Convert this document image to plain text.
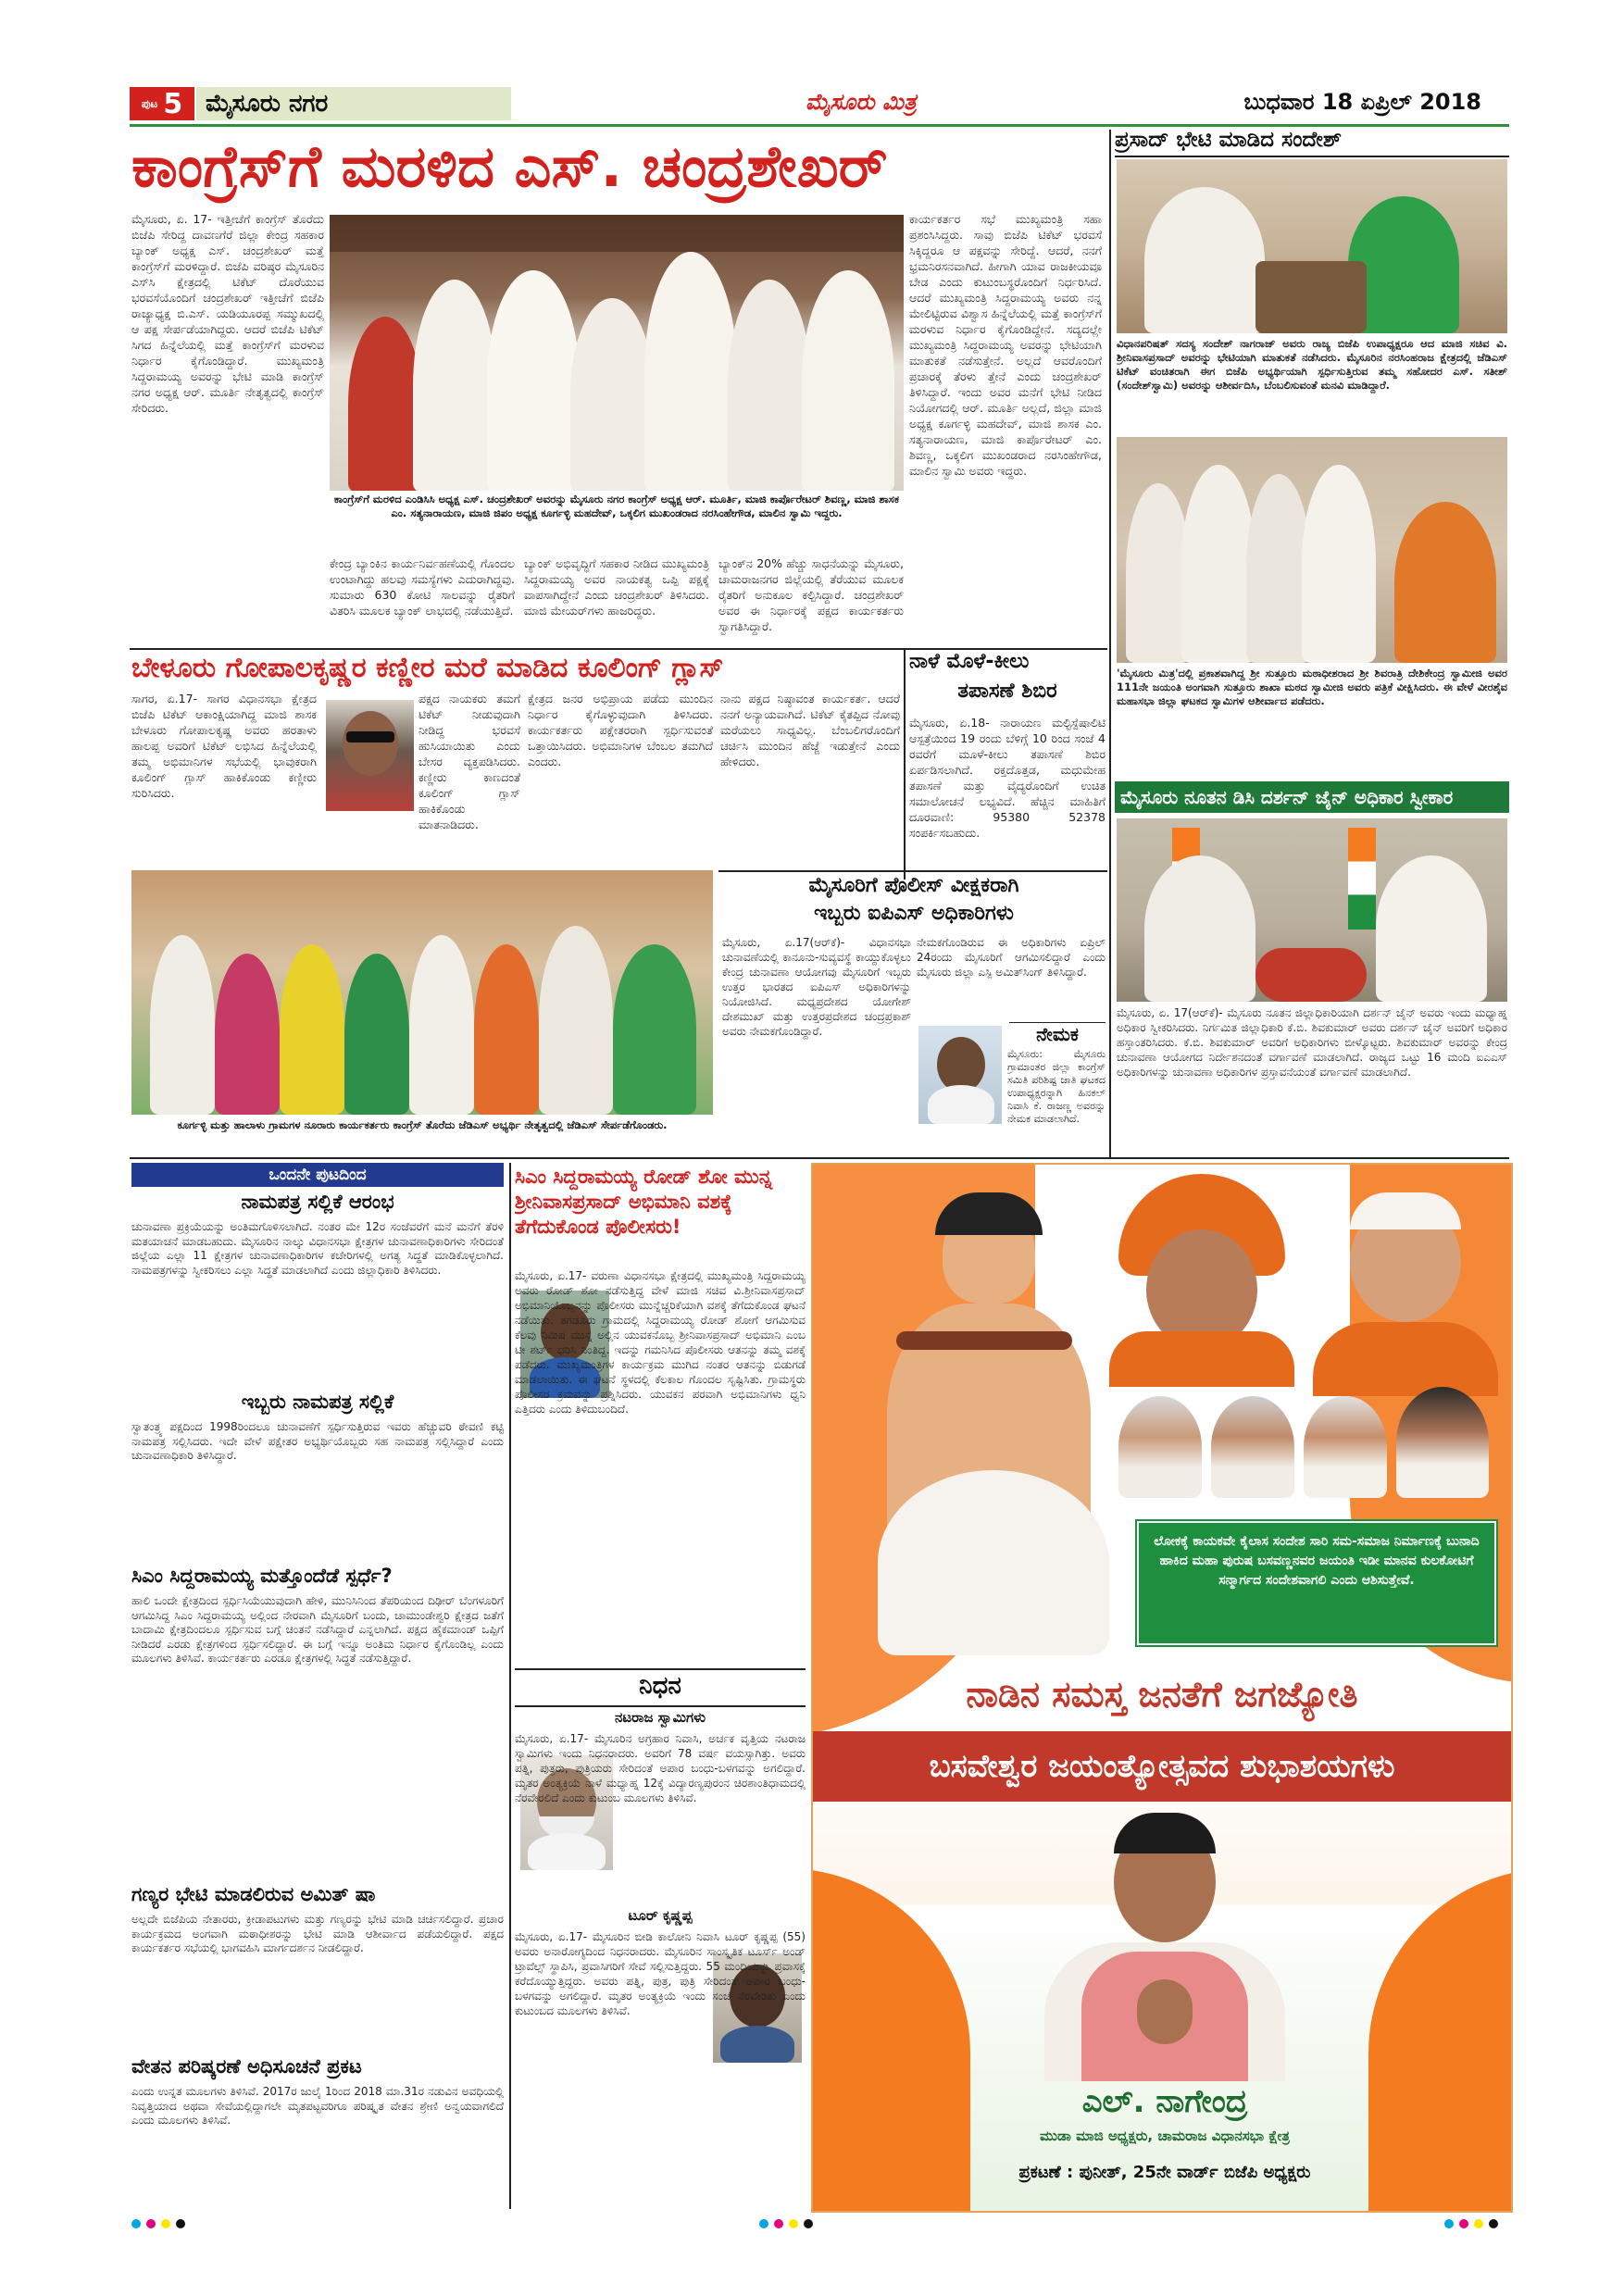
ಪುಟ 5 ಮೈಸೂರು ನಗರ	ಮೈಸೂರು ಮಿತ್ರ	ಬುಧವಾರ 18 ಏಪ್ರಿಲ್ 2018
ಕಾಂಗ್ರೆಸ್‌ಗೆ ಮರಳಿದ ಎಸ್. ಚಂದ್ರಶೇಖರ್
ಮೈಸೂರು, ಏ. 17- ಇತ್ತೀಚೆಗೆ ಕಾಂಗ್ರೆಸ್ ತೊರೆದು ಬಿಜೆಪಿ ಸೇರಿದ್ದ ದಾವಣಗೆರೆ ಜಿಲ್ಲಾ ಕೇಂದ್ರ ಸಹಕಾರ ಬ್ಯಾಂಕ್ ಅಧ್ಯಕ್ಷ ಎಸ್. ಚಂದ್ರಶೇಖರ್ ಮತ್ತೆ ಕಾಂಗ್ರೆಸ್‌ಗೆ ಮರಳಿದ್ದಾರೆ. ಬಿಜೆಪಿ ವರಿಷ್ಠರ ಮೈಸೂರಿನ ಎಸ್‌ಸಿ ಕ್ಷೇತ್ರದಲ್ಲಿ ಟಿಕೆಟ್ ದೊರೆಯುವ ಭರವಸೆಯೊಂದಿಗೆ ಚಂದ್ರಶೇಖರ್ ಇತ್ತೀಚೆಗೆ ಬಿಜೆಪಿ ರಾಜ್ಯಾಧ್ಯಕ್ಷ ಬಿ.ಎಸ್. ಯಡಿಯೂರಪ್ಪ ಸಮ್ಮುಖದಲ್ಲಿ ಆ ಪಕ್ಷ ಸೇರ್ಪಡೆಯಾಗಿದ್ದರು. ಆದರೆ ಬಿಜೆಪಿ ಟಿಕೆಟ್ ಸಿಗದ ಹಿನ್ನೆಲೆಯಲ್ಲಿ ಮತ್ತೆ ಕಾಂಗ್ರೆಸ್‌ಗೆ ಮರಳುವ ನಿರ್ಧಾರ ಕೈಗೊಂಡಿದ್ದಾರೆ. ಮುಖ್ಯಮಂತ್ರಿ ಸಿದ್ದರಾಮಯ್ಯ ಅವರನ್ನು ಭೇಟಿ ಮಾಡಿ ಕಾಂಗ್ರೆಸ್ ನಗರ ಅಧ್ಯಕ್ಷ ಆರ್. ಮೂರ್ತಿ ನೇತೃತ್ವದಲ್ಲಿ ಕಾಂಗ್ರೆಸ್ ಸೇರಿದರು.
ಕಾಂಗ್ರೆಸ್‌ಗೆ ಮರಳಿದ ಎಂಡಿಸಿಸಿ ಅಧ್ಯಕ್ಷ ಎಸ್. ಚಂದ್ರಶೇಖರ್ ಅವರನ್ನು ಮೈಸೂರು ನಗರ ಕಾಂಗ್ರೆಸ್ ಅಧ್ಯಕ್ಷ ಆರ್. ಮೂರ್ತಿ, ಮಾಜಿ ಕಾರ್ಪೊರೇಟರ್ ಶಿವಣ್ಣ, ಮಾಜಿ ಶಾಸಕ ಎಂ. ಸತ್ಯನಾರಾಯಣ, ಮಾಜಿ ಜಿಪಂ ಅಧ್ಯಕ್ಷ ಕೂರ್ಗಳ್ಳಿ ಮಹದೇವ್, ಒಕ್ಕಲಿಗ ಮುಖಂಡರಾದ ನರಸಿಂಹೇಗೌಡ, ಮಾಲಿನ ಸ್ವಾಮಿ ಇದ್ದರು.
ಕೇಂದ್ರ ಬ್ಯಾಂಕಿನ ಕಾರ್ಯನಿರ್ವಹಣೆಯಲ್ಲಿ ಗೊಂದಲ ಉಂಟಾಗಿದ್ದು ಹಲವು ಸಮಸ್ಯೆಗಳು ಎದುರಾಗಿದ್ದವು. ಸುಮಾರು 630 ಕೋಟಿ ಸಾಲವನ್ನು ರೈತರಿಗೆ ವಿತರಿಸಿ ಮೂಲಕ ಬ್ಯಾಂಕ್ ಲಾಭದಲ್ಲಿ ನಡೆಯುತ್ತಿದೆ.
ಬ್ಯಾಂಕ್ ಅಭಿವೃದ್ಧಿಗೆ ಸಹಕಾರ ನೀಡಿದ ಮುಖ್ಯಮಂತ್ರಿ ಸಿದ್ದರಾಮಯ್ಯ ಅವರ ನಾಯಕತ್ವ ಒಪ್ಪಿ ಪಕ್ಷಕ್ಕೆ ವಾಪಸಾಗಿದ್ದೇನೆ ಎಂದು ಚಂದ್ರಶೇಖರ್ ತಿಳಿಸಿದರು. ಮಾಜಿ ಮೇಯರ್‌ಗಳು ಹಾಜರಿದ್ದರು.
ಬ್ಯಾಂಕ್‌ನ 20% ಹೆಚ್ಚು ಸಾಧನೆಯನ್ನು ಮೈಸೂರು, ಚಾಮರಾಜನಗರ ಜಿಲ್ಲೆಯಲ್ಲಿ ತೆರೆಯುವ ಮೂಲಕ ರೈತರಿಗೆ ಅನುಕೂಲ ಕಲ್ಪಿಸಿದ್ದಾರೆ. ಚಂದ್ರಶೇಖರ್ ಅವರ ಈ ನಿರ್ಧಾರಕ್ಕೆ ಪಕ್ಷದ ಕಾರ್ಯಕರ್ತರು ಸ್ವಾಗತಿಸಿದ್ದಾರೆ.
ಕಾರ್ಯಕರ್ತರ ಸಭೆ ಮುಖ್ಯಮಂತ್ರಿ ಸಹಾ ಪ್ರಶಂಸಿಸಿದ್ದರು. ಸಾವು ಬಿಜೆಪಿ ಟಿಕೆಟ್ ಭರವಸೆ ಸಿಕ್ಕಿದ್ದರೂ ಆ ಪಕ್ಷವನ್ನು ಸೇರಿದ್ದೆ. ಆದರೆ, ನನಗೆ ಭ್ರಮನಿರಸನವಾಗಿದೆ. ಹೀಗಾಗಿ ಯಾವ ರಾಜಕೀಯವೂ ಬೇಡ ಎಂದು ಕುಟುಂಬಸ್ಥರೊಂದಿಗೆ ನಿರ್ಧರಿಸಿದೆ. ಆದರೆ ಮುಖ್ಯಮಂತ್ರಿ ಸಿದ್ದರಾಮಯ್ಯ ಅವರು ನನ್ನ ಮೇಲಿಟ್ಟಿರುವ ವಿಶ್ವಾಸ ಹಿನ್ನೆಲೆಯಲ್ಲಿ ಮತ್ತೆ ಕಾಂಗ್ರೆಸ್‌ಗೆ ಮರಳುವ ನಿರ್ಧಾರ ಕೈಗೊಂಡಿದ್ದೇನೆ. ಸದ್ಯದಲ್ಲೇ ಮುಖ್ಯಮಂತ್ರಿ ಸಿದ್ದರಾಮಯ್ಯ ಅವರನ್ನು ಭೇಟಿಯಾಗಿ ಮಾತುಕತೆ ನಡೆಸುತ್ತೇನೆ. ಅಲ್ಲದೆ ಆವರೊಂದಿಗೆ ಪ್ರಚಾರಕ್ಕೆ ತೆರಳು ತ್ತೇನೆ ಎಂದು ಚಂದ್ರಶೇಖರ್ ತಿಳಿಸಿದ್ದಾರೆ. ಇಂದು ಅವರ ಮನೆಗೆ ಭೇಟಿ ನೀಡಿದ ನಿಯೋಗದಲ್ಲಿ ಆರ್. ಮೂರ್ತಿ ಅಲ್ಲದೆ, ಜಿಲ್ಲಾ ಮಾಜಿ ಅಧ್ಯಕ್ಷ ಕೂರ್ಗಳ್ಳಿ ಮಹದೇವ್, ಮಾಜಿ ಶಾಸಕ ಎಂ. ಸತ್ಯನಾರಾಯಣ, ಮಾಜಿ ಕಾರ್ಪೊರೇಟರ್ ಎಂ. ಶಿವಣ್ಣ, ಒಕ್ಕಲಿಗ ಮುಖಂಡರಾದ ನರಸಿಂಹೇಗೌಡ, ಮಾಲಿನ ಸ್ವಾಮಿ ಅವರು ಇದ್ದರು.
ಪ್ರಸಾದ್ ಭೇಟಿ ಮಾಡಿದ ಸಂದೇಶ್
ವಿಧಾನಪರಿಷತ್ ಸದಸ್ಯ ಸಂದೇಶ್ ನಾಗರಾಜ್ ಅವರು ರಾಜ್ಯ ಬಿಜೆಪಿ ಉಪಾಧ್ಯಕ್ಷರೂ ಆದ ಮಾಜಿ ಸಚಿವ ವಿ. ಶ್ರೀನಿವಾಸಪ್ರಸಾದ್ ಅವರನ್ನು ಭೇಟಿಯಾಗಿ ಮಾತುಕತೆ ನಡೆಸಿದರು. ಮೈಸೂರಿನ ನರಸಿಂಹರಾಜ ಕ್ಷೇತ್ರದಲ್ಲಿ ಜೆಡಿಎಸ್ ಟಿಕೆಟ್ ವಂಚಿತರಾಗಿ ಈಗ ಬಿಜೆಪಿ ಅಭ್ಯರ್ಥಿಯಾಗಿ ಸ್ಪರ್ಧಿಸುತ್ತಿರುವ ತಮ್ಮ ಸಹೋದರ ಎಸ್. ಸತೀಶ್ (ಸಂದೇಶ್‌ಸ್ವಾಮಿ) ಅವರನ್ನು ಆಶೀರ್ವದಿಸಿ, ಬೆಂಬಲಿಸುವಂತೆ ಮನವಿ ಮಾಡಿದ್ದಾರೆ.
'ಮೈಸೂರು ಮಿತ್ರ'ದಲ್ಲಿ ಪ್ರಕಾಶವಾಗಿದ್ದ ಶ್ರೀ ಸುತ್ತೂರು ಮಠಾಧೀಶರಾದ ಶ್ರೀ ಶಿವರಾತ್ರಿ ದೇಶಿಕೇಂದ್ರ ಸ್ವಾಮೀಜಿ ಅವರ 111ನೇ ಜಯಂತಿ ಅಂಗವಾಗಿ ಸುತ್ತೂರು ಶಾಖಾ ಮಠದ ಸ್ವಾಮೀಜಿ ಅವರು ಪತ್ರಿಕೆ ವೀಕ್ಷಿಸಿದರು. ಈ ವೇಳೆ ವೀರಶೈವ ಮಹಾಸಭಾ ಜಿಲ್ಲಾ ಘಟಕದ ಸ್ವಾಮಿಗಳ ಆಶೀರ್ವಾದ ಪಡೆದರು.
ಮೈಸೂರು ನೂತನ ಡಿಸಿ ದರ್ಶನ್ ಜೈನ್ ಅಧಿಕಾರ ಸ್ವೀಕಾರ
ಮೈಸೂರು, ಏ. 17(ಆರ್‌ಕೆ)- ಮೈಸೂರು ನೂತನ ಜಿಲ್ಲಾಧಿಕಾರಿಯಾಗಿ ದರ್ಶನ್ ಜೈನ್ ಅವರು ಇಂದು ಮಧ್ಯಾಹ್ನ ಅಧಿಕಾರ ಸ್ವೀಕರಿಸಿದರು. ನಿರ್ಗಮಿತ ಜಿಲ್ಲಾಧಿಕಾರಿ ಕೆ.ಬಿ. ಶಿವಕುಮಾರ್ ಅವರು ದರ್ಶನ್ ಜೈನ್ ಅವರಿಗೆ ಅಧಿಕಾರ ಹಸ್ತಾಂತರಿಸಿದರು. ಕೆ.ಬಿ. ಶಿವಕುಮಾರ್ ಅವರಿಗೆ ಅಧಿಕಾರಿಗಳು ಬೀಳ್ಕೊಟ್ಟರು. ಶಿವಕುಮಾರ್ ಅವರನ್ನು ಕೇಂದ್ರ ಚುನಾವಣಾ ಆಯೋಗದ ನಿರ್ದೇಶನದಂತೆ ವರ್ಗಾವಣೆ ಮಾಡಲಾಗಿದೆ. ರಾಜ್ಯದ ಒಟ್ಟು 16 ಮಂದಿ ಐಎಎಸ್ ಅಧಿಕಾರಿಗಳನ್ನು ಚುನಾವಣಾ ಅಧಿಕಾರಿಗಳ ಪ್ರಸ್ತಾವನೆಯಂತೆ ವರ್ಗಾವಣೆ ಮಾಡಲಾಗಿದೆ.
ಬೇಳೂರು ಗೋಪಾಲಕೃಷ್ಣರ ಕಣ್ಣೀರ ಮರೆ ಮಾಡಿದ ಕೂಲಿಂಗ್ ಗ್ಲಾಸ್
ಸಾಗರ, ಏ.17- ಸಾಗರ ವಿಧಾನಸಭಾ ಕ್ಷೇತ್ರದ ಬಿಜೆಪಿ ಟಿಕೆಟ್ ಆಕಾಂಕ್ಷಿಯಾಗಿದ್ದ ಮಾಜಿ ಶಾಸಕ ಬೇಳೂರು ಗೋಪಾಲಕೃಷ್ಣ ಅವರು ಹರತಾಳು ಹಾಲಪ್ಪ ಅವರಿಗೆ ಟಿಕೆಟ್ ಲಭಿಸಿದ ಹಿನ್ನೆಲೆಯಲ್ಲಿ ತಮ್ಮ ಅಭಿಮಾನಿಗಳ ಸಭೆಯಲ್ಲಿ ಭಾವುಕರಾಗಿ ಕೂಲಿಂಗ್ ಗ್ಲಾಸ್ ಹಾಕಿಕೊಂಡು ಕಣ್ಣೀರು ಸುರಿಸಿದರು.
ಪಕ್ಷದ ನಾಯಕರು ತಮಗೆ ಟಿಕೆಟ್ ನೀಡುವುದಾಗಿ ನೀಡಿದ್ದ ಭರವಸೆ ಹುಸಿಯಾಯಿತು ಎಂದು ಬೇಸರ ವ್ಯಕ್ತಪಡಿಸಿದರು. ಕಣ್ಣೀರು ಕಾಣದಂತೆ ಕೂಲಿಂಗ್ ಗ್ಲಾಸ್ ಹಾಕಿಕೊಂಡು ಮಾತನಾಡಿದರು.
ಕ್ಷೇತ್ರದ ಜನರ ಅಭಿಪ್ರಾಯ ಪಡೆದು ಮುಂದಿನ ನಿರ್ಧಾರ ಕೈಗೊಳ್ಳುವುದಾಗಿ ತಿಳಿಸಿದರು. ಕಾರ್ಯಕರ್ತರು ಪಕ್ಷೇತರರಾಗಿ ಸ್ಪರ್ಧಿಸುವಂತೆ ಒತ್ತಾಯಿಸಿದರು. ಅಭಿಮಾನಿಗಳ ಬೆಂಬಲ ತಮಗಿದೆ ಎಂದರು.
ನಾನು ಪಕ್ಷದ ನಿಷ್ಠಾವಂತ ಕಾರ್ಯಕರ್ತ. ಆದರೆ ನನಗೆ ಅನ್ಯಾಯವಾಗಿದೆ. ಟಿಕೆಟ್ ಕೈತಪ್ಪಿದ ನೋವು ಮರೆಯಲು ಸಾಧ್ಯವಿಲ್ಲ. ಬೆಂಬಲಿಗರೊಂದಿಗೆ ಚರ್ಚಿಸಿ ಮುಂದಿನ ಹೆಜ್ಜೆ ಇಡುತ್ತೇನೆ ಎಂದು ಹೇಳಿದರು.
ಕೂರ್ಗಳ್ಳಿ ಮತ್ತು ಹಾಲಾಳು ಗ್ರಾಮಗಳ ನೂರಾರು ಕಾರ್ಯಕರ್ತರು ಕಾಂಗ್ರೆಸ್ ತೊರೆದು ಜೆಡಿಎಸ್ ಅಭ್ಯರ್ಥಿ ನೇತೃತ್ವದಲ್ಲಿ ಜೆಡಿಎಸ್ ಸೇರ್ಪಡೆಗೊಂಡರು.
ನಾಳೆ ಮೊಳೆ-ಕೀಲು
ತಪಾಸಣೆ ಶಿಬಿರ
ಮೈಸೂರು, ಏ.18- ನಾರಾಯಣ ಮಲ್ಟಿಸ್ಪೆಷಾಲಿಟಿ ಆಸ್ಪತ್ರೆಯಿಂದ 19 ರಂದು ಬೆಳಿಗ್ಗೆ 10 ರಿಂದ ಸಂಜೆ 4 ರವರೆಗೆ ಮೂಳೆ-ಕೀಲು ತಪಾಸಣೆ ಶಿಬಿರ ಏರ್ಪಡಿಸಲಾಗಿದೆ. ರಕ್ತದೊತ್ತಡ, ಮಧುಮೇಹ ತಪಾಸಣೆ ಮತ್ತು ವೈದ್ಯರೊಂದಿಗೆ ಉಚಿತ ಸಮಾಲೋಚನೆ ಲಭ್ಯವಿದೆ. ಹೆಚ್ಚಿನ ಮಾಹಿತಿಗೆ ದೂರವಾಣಿ: 95380 52378 ಸಂಪರ್ಕಿಸಬಹುದು.
ಮೈಸೂರಿಗೆ ಪೊಲೀಸ್ ವೀಕ್ಷಕರಾಗಿ
ಇಬ್ಬರು ಐಪಿಎಸ್ ಅಧಿಕಾರಿಗಳು
ಮೈಸೂರು, ಏ.17(ಆರ್‌ಕೆ)- ವಿಧಾನಸಭಾ ಚುನಾವಣೆಯಲ್ಲಿ ಕಾನೂನು-ಸುವ್ಯವಸ್ಥೆ ಕಾಯ್ದುಕೊಳ್ಳಲು ಕೇಂದ್ರ ಚುನಾವಣಾ ಆಯೋಗವು ಮೈಸೂರಿಗೆ ಇಬ್ಬರು ಉತ್ತರ ಭಾರತದ ಐಪಿಎಸ್ ಅಧಿಕಾರಿಗಳನ್ನು ನಿಯೋಜಿಸಿದೆ. ಮಧ್ಯಪ್ರದೇಶದ ಯೋಗೇಶ್ ದೇಶಮುಖ್ ಮತ್ತು ಉತ್ತರಪ್ರದೇಶದ ಚಂದ್ರಪ್ರಕಾಶ್ ಅವರು ನೇಮಕಗೊಂಡಿದ್ದಾರೆ.
ನೇಮಕಗೊಂಡಿರುವ ಈ ಅಧಿಕಾರಿಗಳು ಏಪ್ರಿಲ್ 24ರಂದು ಮೈಸೂರಿಗೆ ಆಗಮಿಸಲಿದ್ದಾರೆ ಎಂದು ಮೈಸೂರು ಜಿಲ್ಲಾ ಎಸ್ಪಿ ಅಮಿತ್‌ಸಿಂಗ್ ತಿಳಿಸಿದ್ದಾರೆ.
ನೇಮಕ
ಮೈಸೂರು: ಮೈಸೂರು ಗ್ರಾಮಾಂತರ ಜಿಲ್ಲಾ ಕಾಂಗ್ರೆಸ್ ಸಮಿತಿ ಪರಿಶಿಷ್ಟ ಜಾತಿ ಘಟಕದ ಉಪಾಧ್ಯಕ್ಷರನ್ನಾಗಿ ಹಿನಕಲ್ ನಿವಾಸಿ ಕೆ. ರಾಜಣ್ಣ ಅವರನ್ನು ನೇಮಕ ಮಾಡಲಾಗಿದೆ.
ಒಂದನೇ ಪುಟದಿಂದ
ನಾಮಪತ್ರ ಸಲ್ಲಿಕೆ ಆರಂಭ
ಚುನಾವಣಾ ಪ್ರಕ್ರಿಯೆಯನ್ನು ಅಂತಿಮಗೊಳಿಸಲಾಗಿದೆ. ನಂತರ ಮೇ 12ರ ಸಂಜೆವರೆಗೆ ಮನೆ ಮನೆಗೆ ತೆರಳಿ ಮತಯಾಚನೆ ಮಾಡಬಹುದು. ಮೈಸೂರಿನ ನಾಲ್ಕು ವಿಧಾನಸಭಾ ಕ್ಷೇತ್ರಗಳ ಚುನಾವಣಾಧಿಕಾರಿಗಳು ಸೇರಿದಂತೆ ಜಿಲ್ಲೆಯ ಎಲ್ಲಾ 11 ಕ್ಷೇತ್ರಗಳ ಚುನಾವಣಾಧಿಕಾರಿಗಳ ಕಚೇರಿಗಳಲ್ಲಿ ಅಗತ್ಯ ಸಿದ್ಧತೆ ಮಾಡಿಕೊಳ್ಳಲಾಗಿದೆ. ನಾಮಪತ್ರಗಳನ್ನು ಸ್ವೀಕರಿಸಲು ಎಲ್ಲಾ ಸಿದ್ಧತೆ ಮಾಡಲಾಗಿದೆ ಎಂದು ಜಿಲ್ಲಾಧಿಕಾರಿ ತಿಳಿಸಿದರು.
ಇಬ್ಬರು ನಾಮಪತ್ರ ಸಲ್ಲಿಕೆ
ಸ್ವಾತಂತ್ರ್ಯ ಪಕ್ಷದಿಂದ 1998ರಿಂದಲೂ ಚುನಾವಣೆಗೆ ಸ್ಪರ್ಧಿಸುತ್ತಿರುವ ಇವರು ಹೆಚ್ಚುವರಿ ಠೇವಣಿ ಕಟ್ಟಿ ನಾಮಪತ್ರ ಸಲ್ಲಿಸಿದರು. ಇದೇ ವೇಳೆ ಪಕ್ಷೇತರ ಅಭ್ಯರ್ಥಿಯೊಬ್ಬರು ಸಹ ನಾಮಪತ್ರ ಸಲ್ಲಿಸಿದ್ದಾರೆ ಎಂದು ಚುನಾವಣಾಧಿಕಾರಿ ತಿಳಿಸಿದ್ದಾರೆ.
ಸಿಎಂ ಸಿದ್ದರಾಮಯ್ಯ ಮತ್ತೊಂದೆಡೆ ಸ್ಪರ್ಧೆ?
ಹಾಲಿ ಒಂದೇ ಕ್ಷೇತ್ರದಿಂದ ಸ್ಪರ್ಧಿಸಿಯೆಯುವುದಾಗಿ ಹೇಳಿ, ಮುನಿಸಿನಿಂದ ತೆಪರಿಯಂದ ದಿಢೀರ್ ಬೆಂಗಳೂರಿಗೆ ಆಗಮಿಸಿದ್ದ ಸಿಎಂ ಸಿದ್ದರಾಮಯ್ಯ ಅಲ್ಲಿಂದ ನೇರವಾಗಿ ಮೈಸೂರಿಗೆ ಬಂದು, ಚಾಮುಂಡೇಶ್ವರಿ ಕ್ಷೇತ್ರದ ಜತೆಗೆ ಬಾದಾಮಿ ಕ್ಷೇತ್ರದಿಂದಲೂ ಸ್ಪರ್ಧಿಸುವ ಬಗ್ಗೆ ಚಿಂತನೆ ನಡೆಸಿದ್ದಾರೆ ಎನ್ನಲಾಗಿದೆ. ಪಕ್ಷದ ಹೈಕಮಾಂಡ್ ಒಪ್ಪಿಗೆ ನೀಡಿದರೆ ಎರಡು ಕ್ಷೇತ್ರಗಳಿಂದ ಸ್ಪರ್ಧಿಸಲಿದ್ದಾರೆ. ಈ ಬಗ್ಗೆ ಇನ್ನೂ ಅಂತಿಮ ನಿರ್ಧಾರ ಕೈಗೊಂಡಿಲ್ಲ ಎಂದು ಮೂಲಗಳು ತಿಳಿಸಿವೆ. ಕಾರ್ಯಕರ್ತರು ಎರಡೂ ಕ್ಷೇತ್ರಗಳಲ್ಲಿ ಸಿದ್ಧತೆ ನಡೆಸುತ್ತಿದ್ದಾರೆ.
ಗಣ್ಯರ ಭೇಟಿ ಮಾಡಲಿರುವ ಅಮಿತ್ ಷಾ
ಅಲ್ಲದೇ ಬಿಜೆಪಿಯ ನೇತಾರರು, ಕ್ರೀಡಾಪಟುಗಳು ಮತ್ತು ಗಣ್ಯರನ್ನು ಭೇಟಿ ಮಾಡಿ ಚರ್ಚಿಸಲಿದ್ದಾರೆ. ಪ್ರಚಾರ ಕಾರ್ಯಕ್ರಮದ ಅಂಗವಾಗಿ ಮಠಾಧೀಶರನ್ನು ಭೇಟಿ ಮಾಡಿ ಆಶೀರ್ವಾದ ಪಡೆಯಲಿದ್ದಾರೆ. ಪಕ್ಷದ ಕಾರ್ಯಕರ್ತರ ಸಭೆಯಲ್ಲಿ ಭಾಗವಹಿಸಿ ಮಾರ್ಗದರ್ಶನ ನೀಡಲಿದ್ದಾರೆ.
ವೇತನ ಪರಿಷ್ಕರಣೆ ಅಧಿಸೂಚನೆ ಪ್ರಕಟ
ಎಂದು ಉನ್ನತ ಮೂಲಗಳು ತಿಳಿಸಿವೆ. 2017ರ ಜುಲೈ 1ರಿಂದ 2018 ಮಾ.31ರ ನಡುವಿನ ಅವಧಿಯಲ್ಲಿ ನಿವೃತ್ತಿಯಾದ ಅಥವಾ ಸೇವೆಯಲ್ಲಿದ್ದಾಗಲೇ ಮೃತಪಟ್ಟವರಿಗೂ ಪರಿಷ್ಕೃತ ವೇತನ ಶ್ರೇಣಿ ಅನ್ವಯವಾಗಲಿದೆ ಎಂದು ಮೂಲಗಳು ತಿಳಿಸಿವೆ.
ಸಿಎಂ ಸಿದ್ದರಾಮಯ್ಯ ರೋಡ್ ಶೋ ಮುನ್ನ ಶ್ರೀನಿವಾಸಪ್ರಸಾದ್ ಅಭಿಮಾನಿ ವಶಕ್ಕೆ ತೆಗೆದುಕೊಂಡ ಪೊಲೀಸರು!
ಮೈಸೂರು, ಏ.17- ವರುಣಾ ವಿಧಾನಸಭಾ ಕ್ಷೇತ್ರದಲ್ಲಿ ಮುಖ್ಯಮಂತ್ರಿ ಸಿದ್ದರಾಮಯ್ಯ ಅವರು ರೋಡ್ ಶೋ ನಡೆಸುತ್ತಿದ್ದ ವೇಳೆ ಮಾಜಿ ಸಚಿವ ವಿ.ಶ್ರೀನಿವಾಸಪ್ರಸಾದ್ ಅಭಿಮಾನಿಯೊಬ್ಬನನ್ನು ಪೊಲೀಸರು ಮುನ್ನೆಚ್ಚರಿಕೆಯಾಗಿ ವಶಕ್ಕೆ ತೆಗೆದುಕೊಂಡ ಘಟನೆ ನಡೆಯಿತು. ತಗಡೂರು ಗ್ರಾಮದಲ್ಲಿ ಸಿದ್ದರಾಮಯ್ಯ ರೋಡ್ ಶೋಗೆ ಆಗಮಿಸುವ ಕೆಲವು ನಿಮಿಷ ಮುನ್ನ ಅಲ್ಲಿನ ಯುವಕನೊಬ್ಬ ಶ್ರೀನಿವಾಸಪ್ರಸಾದ್ ಅಭಿಮಾನಿ ಎಂಬ ಟೀ ಶರ್ಟ್ ಧರಿಸಿ ನಿಂತಿದ್ದ. ಇದನ್ನು ಗಮನಿಸಿದ ಪೊಲೀಸರು ಆತನನ್ನು ತಮ್ಮ ವಶಕ್ಕೆ ಪಡೆದರು. ಮುಖ್ಯಮಂತ್ರಿಗಳ ಕಾರ್ಯಕ್ರಮ ಮುಗಿದ ನಂತರ ಆತನನ್ನು ಬಿಡುಗಡೆ ಮಾಡಲಾಯಿತು. ಈ ಘಟನೆ ಸ್ಥಳದಲ್ಲಿ ಕೆಲಕಾಲ ಗೊಂದಲ ಸೃಷ್ಟಿಸಿತು. ಗ್ರಾಮಸ್ಥರು ಪೊಲೀಸರ ಕ್ರಮವನ್ನು ಪ್ರಶ್ನಿಸಿದರು. ಯುವಕನ ಪರವಾಗಿ ಅಭಿಮಾನಿಗಳು ಧ್ವನಿ ಎತ್ತಿದರು ಎಂದು ತಿಳಿದುಬಂದಿದೆ.
ನಿಧನ
ನಟರಾಜ ಸ್ವಾಮಿಗಳು
ಮೈಸೂರು, ಏ.17- ಮೈಸೂರಿನ ಅಗ್ರಹಾರ ನಿವಾಸಿ, ಅರ್ಚಕ ವೃತ್ತಿಯ ನಟರಾಜ ಸ್ವಾಮಿಗಳು ಇಂದು ನಿಧನರಾದರು. ಅವರಿಗೆ 78 ವರ್ಷ ವಯಸ್ಸಾಗಿತ್ತು. ಅವರು ಪತ್ನಿ, ಪುತ್ರರು, ಪುತ್ರಿಯರು ಸೇರಿದಂತೆ ಅಪಾರ ಬಂಧು-ಬಳಗವನ್ನು ಅಗಲಿದ್ದಾರೆ. ಮೃತರ ಅಂತ್ಯಕ್ರಿಯೆ ನಾಳೆ ಮಧ್ಯಾಹ್ನ 12ಕ್ಕೆ ವಿದ್ಯಾರಣ್ಯಪುರಂನ ಚಿರಶಾಂತಿಧಾಮದಲ್ಲಿ ನೆರವೇರಲಿದೆ ಎಂದು ಕುಟುಂಬ ಮೂಲಗಳು ತಿಳಿಸಿವೆ.
ಟೂರ್ ಕೃಷ್ಣಪ್ಪ
ಮೈಸೂರು, ಏ.17- ಮೈಸೂರಿನ ಬೀಡಿ ಕಾಲೋನಿ ನಿವಾಸಿ ಟೂರ್ ಕೃಷ್ಣಪ್ಪ (55) ಅವರು ಅನಾರೋಗ್ಯದಿಂದ ನಿಧನರಾದರು. ಮೈಸೂರಿನ ಸಾಂಸ್ಕೃತಿಕ ಟೂರ್ಸ್ ಅಂಡ್ ಟ್ರಾವೆಲ್ಸ್ ಸ್ಥಾಪಿಸಿ, ಪ್ರವಾಸಿಗರಿಗೆ ಸೇವೆ ಸಲ್ಲಿಸುತ್ತಿದ್ದರು. 55 ಮಂದಿಯನ್ನು ಪ್ರವಾಸಕ್ಕೆ ಕರೆದೊಯ್ಯುತ್ತಿದ್ದರು. ಅವರು ಪತ್ನಿ, ಪುತ್ರ, ಪುತ್ರಿ ಸೇರಿದಂತೆ ಅಪಾರ ಬಂಧು-ಬಳಗವನ್ನು ಅಗಲಿದ್ದಾರೆ. ಮೃತರ ಅಂತ್ಯಕ್ರಿಯೆ ಇಂದು ಸಂಜೆ ನೆರವೇರಿತು ಎಂದು ಕುಟುಂಬದ ಮೂಲಗಳು ತಿಳಿಸಿವೆ.
ಲೋಕಕ್ಕೆ ಕಾಯಕವೇ ಕೈಲಾಸ ಸಂದೇಶ ಸಾರಿ ಸಮ-ಸಮಾಜ ನಿರ್ಮಾಣಕ್ಕೆ ಬುನಾದಿ ಹಾಕಿದ ಮಹಾ ಪುರುಷ ಬಸವಣ್ಣನವರ ಜಯಂತಿ ಇಡೀ ಮಾನವ ಕುಲಕೋಟಿಗೆ ಸನ್ಮಾರ್ಗದ ಸಂದೇಶವಾಗಲಿ ಎಂದು ಆಶಿಸುತ್ತೇವೆ.
ನಾಡಿನ ಸಮಸ್ತ ಜನತೆಗೆ ಜಗಜ್ಯೋತಿ
ಬಸವೇಶ್ವರ ಜಯಂತ್ಯೋತ್ಸವದ ಶುಭಾಶಯಗಳು
ಎಲ್. ನಾಗೇಂದ್ರ
ಮುಡಾ ಮಾಜಿ ಅಧ್ಯಕ್ಷರು, ಚಾಮರಾಜ ವಿಧಾನಸಭಾ ಕ್ಷೇತ್ರ
ಪ್ರಕಟಣೆ : ಪುನೀತ್, 25ನೇ ವಾರ್ಡ್ ಬಿಜೆಪಿ ಅಧ್ಯಕ್ಷರು
